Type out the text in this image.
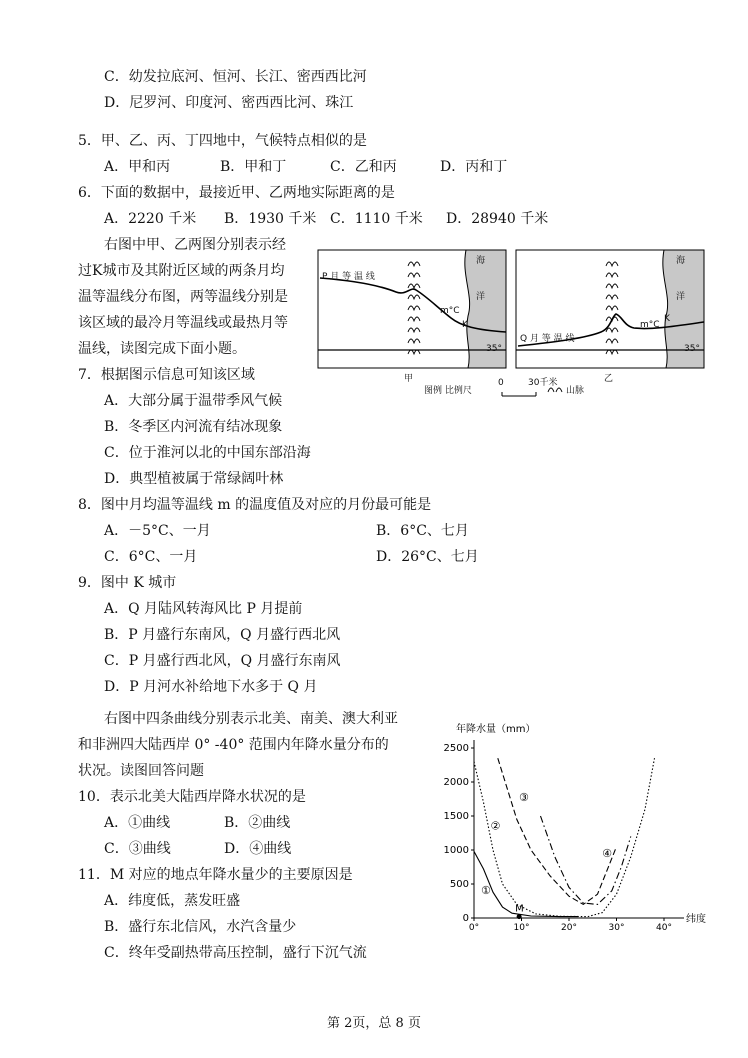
C．幼发拉底河、恒河、长江、密西西比河
D．尼罗河、印度河、密西西比河、珠江
5．甲、乙、丙、丁四地中，气候特点相似的是
A．甲和丙	B．甲和丁	C．乙和丙	D．丙和丁
6．下面的数据中，最接近甲、乙两地实际距离的是
A．2220 千米 B．1930 千米 C．1110 千米 D．28940 千米
右图中甲、乙两图分别表示经
过K城市及其附近区域的两条月均
温等温线分布图，两等温线分别是
该区域的最冷月等温线或最热月等
温线，读图完成下面小题。
7．根据图示信息可知该区域
A．大部分属于温带季风气候
B．冬季区内河流有结冰现象
C．位于淮河以北的中国东部沿海
D．典型植被属于常绿阔叶林
8．图中月均温等温线 m 的温度值及对应的月份最可能是
A．－5°C、一月	B．6°C、七月
C．6°C、一月	D．26°C、七月
9．图中 K 城市
A．Q 月陆风转海风比 P 月提前
B．P 月盛行东南风，Q 月盛行西北风
C．P 月盛行西北风，Q 月盛行东南风
D．P 月河水补给地下水多于 Q 月
右图中四条曲线分别表示北美、南美、澳大利亚
和非洲四大陆西岸 0° -40° 范围内年降水量分布的
状况。读图回答问题
10．表示北美大陆西岸降水状况的是
A．①曲线	B．②曲线
C．③曲线	D．④曲线
11．M 对应的地点年降水量少的主要原因是
A．纬度低，蒸发旺盛
B．盛行东北信风，水汽含量少
C．终年受副热带高压控制，盛行下沉气流
海
洋
海
洋
P 月 等 温 线
Q 月 等 温 线
m°C
m°C
K
K
35°	35°
甲	乙
图例 比例尺
0	30千米
山脉
年降水量（mm）
0
500
1000
1500
2000
2500
0°	10°	20°	30°	40°
纬度
①
②
③
④
M
第 2页，总 8 页
